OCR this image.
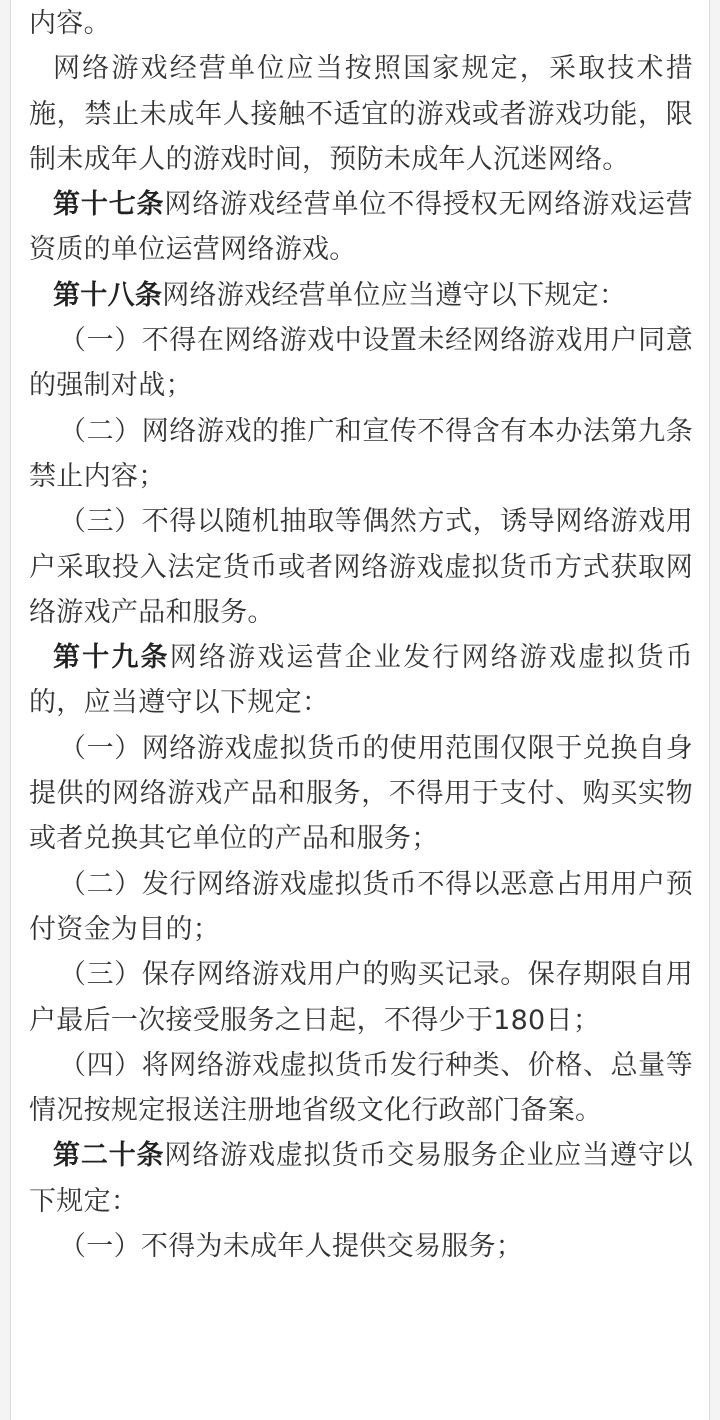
内容。

网络游戏经营单位应当按照国家规定，采取技术措施，禁止未成年人接触不适宜的游戏或者游戏功能，限制未成年人的游戏时间，预防未成年人沉迷网络。

第十七条网络游戏经营单位不得授权无网络游戏运营资质的单位运营网络游戏。

第十八条网络游戏经营单位应当遵守以下规定：

（一）不得在网络游戏中设置未经网络游戏用户同意的强制对战；

（二）网络游戏的推广和宣传不得含有本办法第九条禁止内容；

（三）不得以随机抽取等偶然方式，诱导网络游戏用户采取投入法定货币或者网络游戏虚拟货币方式获取网络游戏产品和服务。

第十九条网络游戏运营企业发行网络游戏虚拟货币的，应当遵守以下规定：

（一）网络游戏虚拟货币的使用范围仅限于兑换自身提供的网络游戏产品和服务，不得用于支付、购买实物或者兑换其它单位的产品和服务；

（二）发行网络游戏虚拟货币不得以恶意占用用户预付资金为目的；

（三）保存网络游戏用户的购买记录。保存期限自用户最后一次接受服务之日起，不得少于180日；

（四）将网络游戏虚拟货币发行种类、价格、总量等情况按规定报送注册地省级文化行政部门备案。

第二十条网络游戏虚拟货币交易服务企业应当遵守以下规定：

（一）不得为未成年人提供交易服务；
